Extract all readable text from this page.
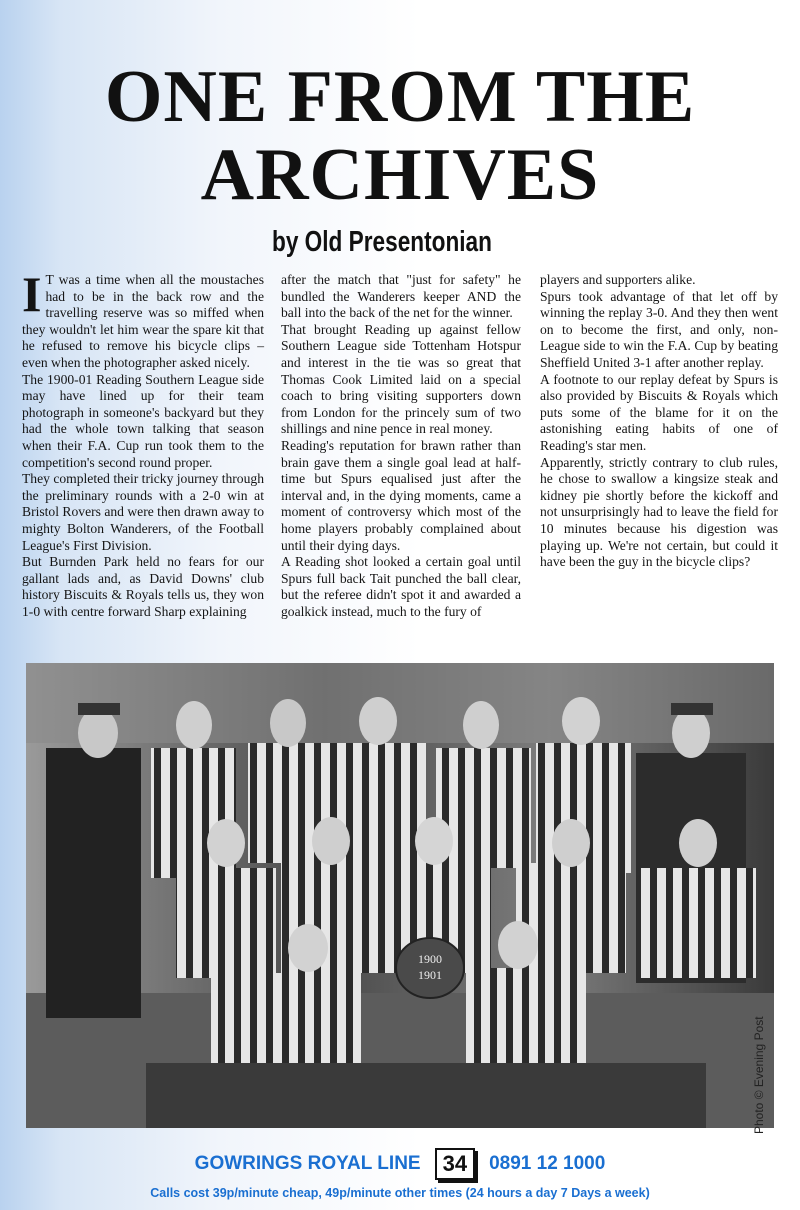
ONE FROM THE
ARCHIVES
by Old Presentonian

I T was a time when all the moustaches had to be in the back row and the travelling reserve was so miffed when they wouldn't let him wear the spare kit that he refused to remove his bicycle clips – even when the photographer asked nicely.

The 1900-01 Reading Southern League side may have lined up for their team photograph in someone's backyard but they had the whole town talking that season when their F.A. Cup run took them to the competition's second round proper.

They completed their tricky journey through the preliminary rounds with a 2-0 win at Bristol Rovers and were then drawn away to mighty Bolton Wanderers, of the Football League's First Division.

But Burnden Park held no fears for our gallant lads and, as David Downs' club history Biscuits & Royals tells us, they won 1-0 with centre forward Sharp explaining

after the match that "just for safety" he bundled the Wanderers keeper AND the ball into the back of the net for the winner.

That brought Reading up against fellow Southern League side Tottenham Hotspur and interest in the tie was so great that Thomas Cook Limited laid on a special coach to bring visiting supporters down from London for the princely sum of two shillings and nine pence in real money.

Reading's reputation for brawn rather than brain gave them a single goal lead at half-time but Spurs equalised just after the interval and, in the dying moments, came a moment of controversy which most of the home players probably complained about until their dying days.

A Reading shot looked a certain goal until Spurs full back Tait punched the ball clear, but the referee didn't spot it and awarded a goalkick instead, much to the fury of

players and supporters alike.

Spurs took advantage of that let off by winning the replay 3-0. And they then went on to become the first, and only, non-League side to win the F.A. Cup by beating Sheffield United 3-1 after another replay.

A footnote to our replay defeat by Spurs is also provided by Biscuits & Royals which puts some of the blame for it on the astonishing eating habits of one of Reading's star men.

Apparently, strictly contrary to club rules, he chose to swallow a kingsize steak and kidney pie shortly before the kickoff and not unsurprisingly had to leave the field for 10 minutes because his digestion was playing up. We're not certain, but could it have been the guy in the bicycle clips?

1900
1901
Photo © Evening Post
GOWRINGS ROYAL LINE	34	0891 12 1000
Calls cost 39p/minute cheap, 49p/minute other times (24 hours a day 7 Days a week)
